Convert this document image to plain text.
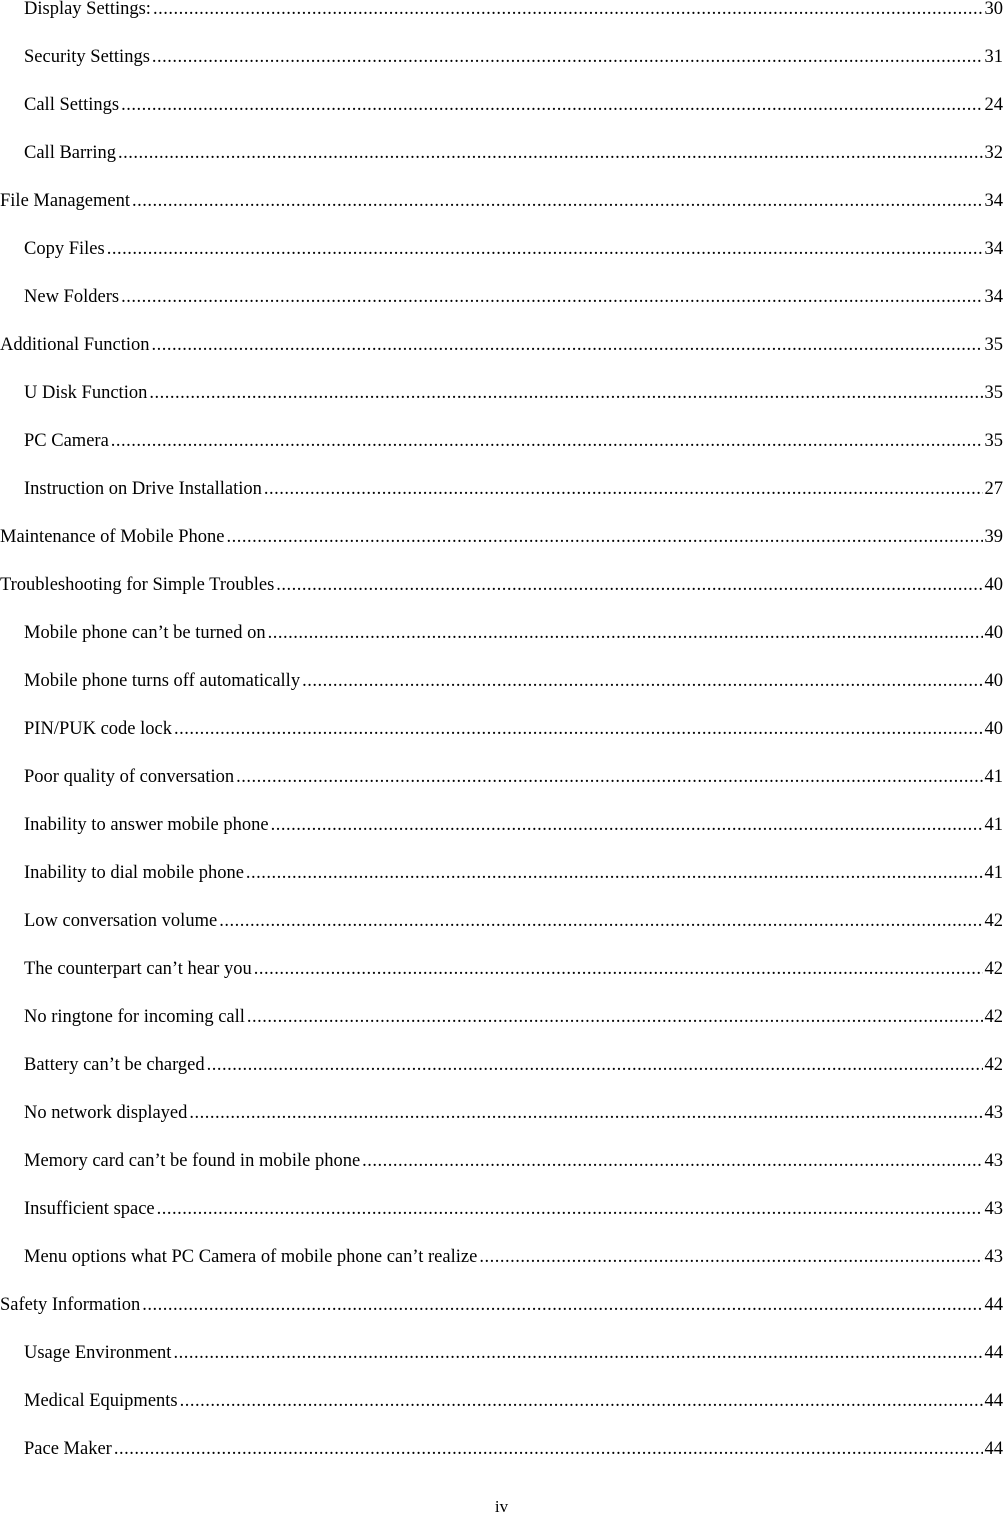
Display Settings: .....	30
Security Settings .....	31
Call Settings .....	24
Call Barring .....	32
File Management .....	34
Copy Files .....	34
New Folders .....	34
Additional Function .....	35
U Disk Function .....	35
PC Camera .....	35
Instruction on Drive Installation .....	27
Maintenance of Mobile Phone .....	39
Troubleshooting for Simple Troubles .....	40
Mobile phone can’t be turned on .....	40
Mobile phone turns off automatically .....	40
PIN/PUK code lock .....	40
Poor quality of conversation .....	41
Inability to answer mobile phone .....	41
Inability to dial mobile phone .....	41
Low conversation volume .....	42
The counterpart can’t hear you .....	42
No ringtone for incoming call .....	42
Battery can’t be charged .....	42
No network displayed .....	43
Memory card can’t be found in mobile phone .....	43
Insufficient space .....	43
Menu options what PC Camera of mobile phone can’t realize .....	43
Safety Information .....	44
Usage Environment .....	44
Medical Equipments .....	44
Pace Maker .....	44
iv
